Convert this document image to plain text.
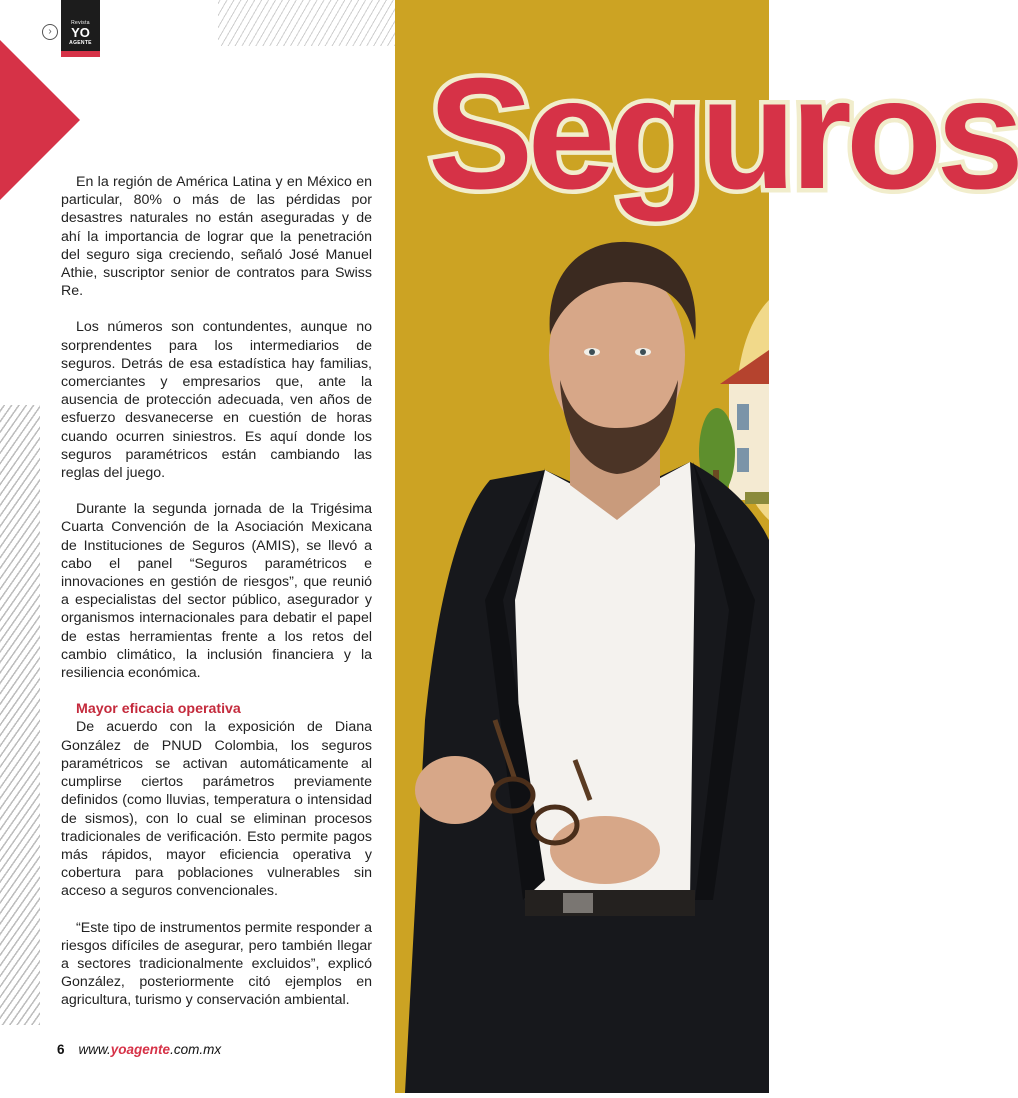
›
Revista
YO
AGENTE

En la región de América Latina y en México en particular, 80% o más de las pérdidas por desastres naturales no están aseguradas y de ahí la importancia de lograr que la penetración del seguro siga creciendo, señaló José Manuel Athie, suscriptor senior de contratos para Swiss Re.

Los números son contundentes, aunque no sorprendentes para los intermediarios de seguros. Detrás de esa estadística hay familias, comerciantes y empresarios que, ante la ausencia de protección adecuada, ven años de esfuerzo desvanecerse en cuestión de horas cuando ocurren siniestros. Es aquí donde los seguros paramétricos están cambiando las reglas del juego.

Durante la segunda jornada de la Trigésima Cuarta Convención de la Asociación Mexicana de Instituciones de Seguros (AMIS), se llevó a cabo el panel “Seguros paramétricos e innovaciones en gestión de riesgos”, que reunió a especialistas del sector público, asegurador y organismos internacionales para debatir el papel de estas herramientas frente a los retos del cambio climático, la inclusión financiera y la resiliencia económica.

Mayor eficacia operativa

De acuerdo con la exposición de Diana González de PNUD Colombia, los seguros paramétricos se activan automáticamente al cumplirse ciertos parámetros previamente definidos (como lluvias, temperatura o intensidad de sismos), con lo cual se eliminan procesos tradicionales de verificación. Esto permite pagos más rápidos, mayor eficiencia operativa y cobertura para poblaciones vulnerables sin acceso a seguros convencionales.

“Este tipo de instrumentos permite responder a riesgos difíciles de asegurar, pero también llegar a sectores tradicionalmente excluidos”, explicó González, posteriormente citó ejemplos en agricultura, turismo y conservación ambiental.

6 www.yoagente.com.mx
Seguros
